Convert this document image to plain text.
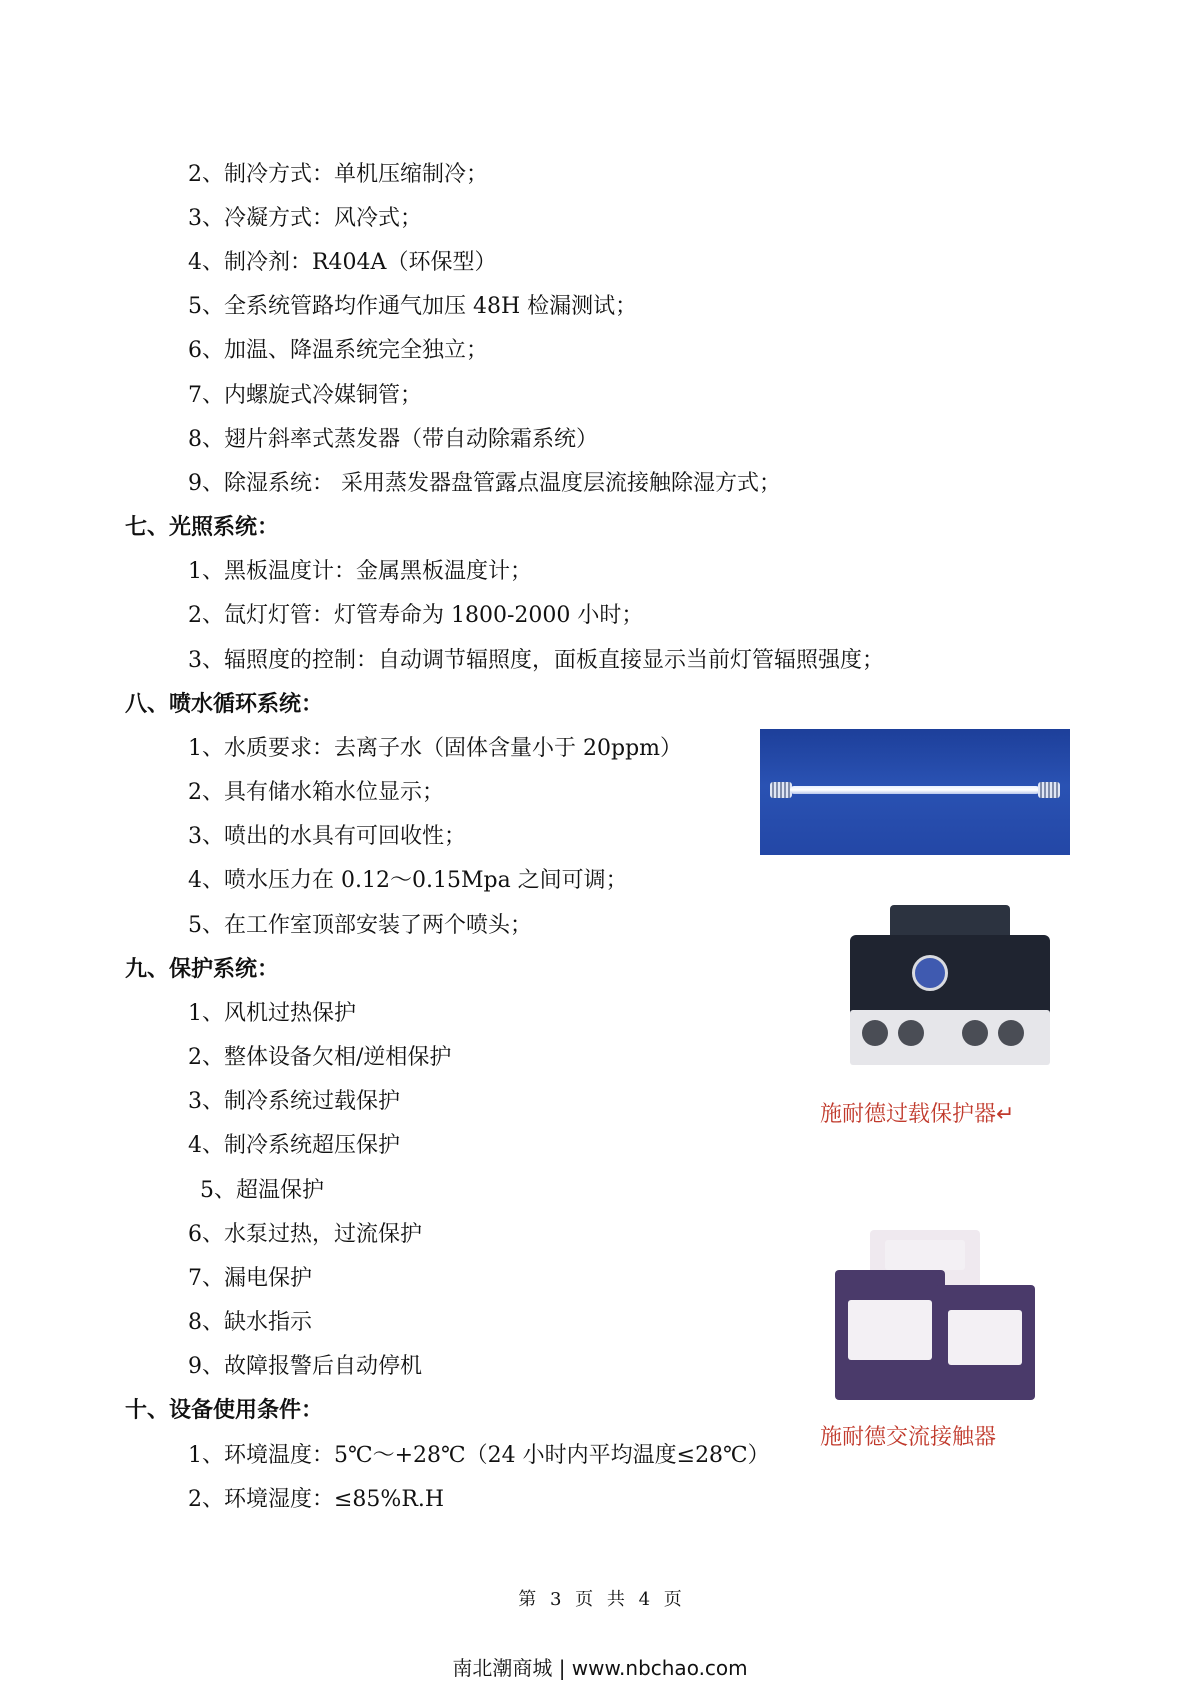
2、制冷方式：单机压缩制冷；
3、冷凝方式：风冷式；
4、制冷剂：R404A（环保型）
5、全系统管路均作通气加压 48H 检漏测试；
6、加温、降温系统完全独立；
7、内螺旋式冷媒铜管；
8、翅片斜率式蒸发器（带自动除霜系统）
9、除湿系统： 采用蒸发器盘管露点温度层流接触除湿方式；
七、光照系统：
1、黑板温度计：金属黑板温度计；
2、氙灯灯管：灯管寿命为 1800-2000 小时；
3、辐照度的控制：自动调节辐照度，面板直接显示当前灯管辐照强度；
八、喷水循环系统：
1、水质要求：去离子水（固体含量小于 20ppm）
2、具有储水箱水位显示；
3、喷出的水具有可回收性；
4、喷水压力在 0.12～0.15Mpa 之间可调；
5、在工作室顶部安装了两个喷头；
九、保护系统：
1、风机过热保护
2、整体设备欠相/逆相保护
3、制冷系统过载保护
4、制冷系统超压保护
5、超温保护
6、水泵过热，过流保护
7、漏电保护
8、缺水指示
9、故障报警后自动停机
十、设备使用条件：
1、环境温度：5℃～+28℃（24 小时内平均温度≤28℃）
2、环境湿度：≤85%R.H
施耐德过载保护器↵
施耐德交流接触器
第 3 页 共 4 页
南北潮商城 | www.nbchao.com
